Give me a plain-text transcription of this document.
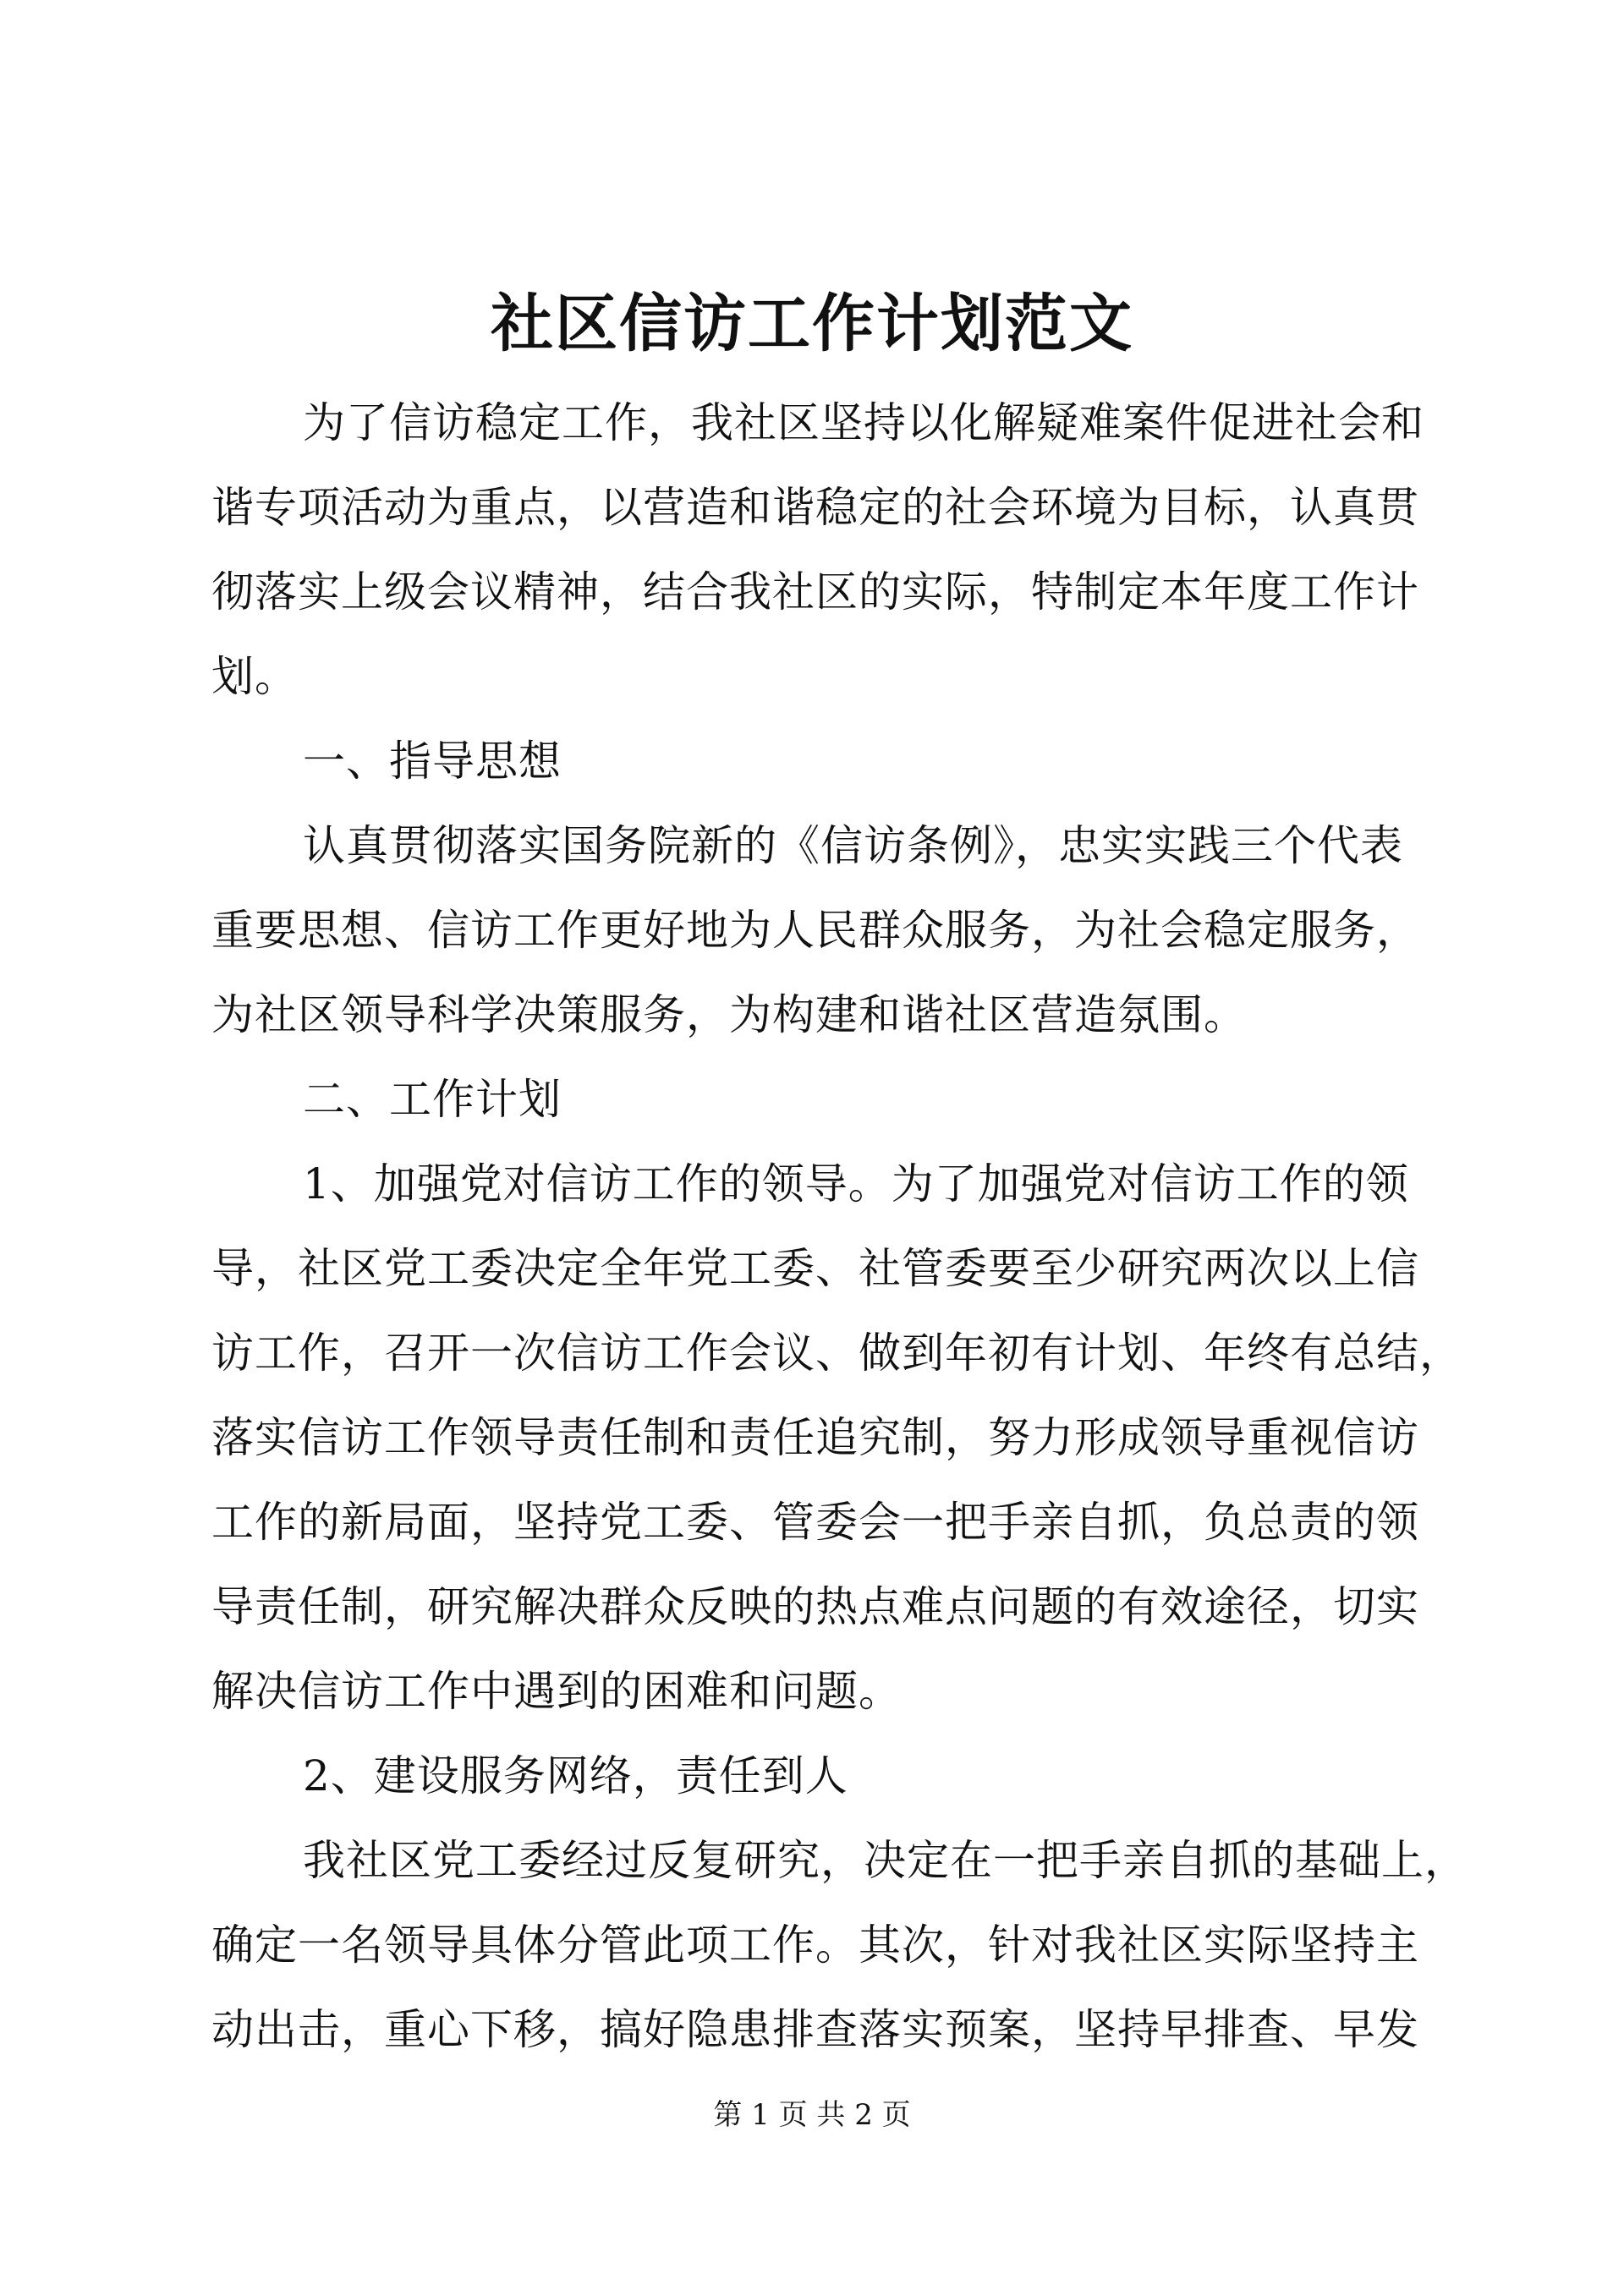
社区信访工作计划范文

为了信访稳定工作，我社区坚持以化解疑难案件促进社会和

谐专项活动为重点，以营造和谐稳定的社会环境为目标，认真贯

彻落实上级会议精神，结合我社区的实际，特制定本年度工作计

划。

一、指导思想

认真贯彻落实国务院新的《信访条例》，忠实实践三个代表

重要思想、信访工作更好地为人民群众服务，为社会稳定服务，

为社区领导科学决策服务，为构建和谐社区营造氛围。

二、工作计划

1、加强党对信访工作的领导。为了加强党对信访工作的领

导，社区党工委决定全年党工委、社管委要至少研究两次以上信

访工作，召开一次信访工作会议、做到年初有计划、年终有总结，

落实信访工作领导责任制和责任追究制，努力形成领导重视信访

工作的新局面，坚持党工委、管委会一把手亲自抓，负总责的领

导责任制，研究解决群众反映的热点难点问题的有效途径，切实

解决信访工作中遇到的困难和问题。

2、建设服务网络，责任到人

我社区党工委经过反复研究，决定在一把手亲自抓的基础上，

确定一名领导具体分管此项工作。其次，针对我社区实际坚持主

动出击，重心下移，搞好隐患排查落实预案，坚持早排查、早发

第 1 页 共 2 页
